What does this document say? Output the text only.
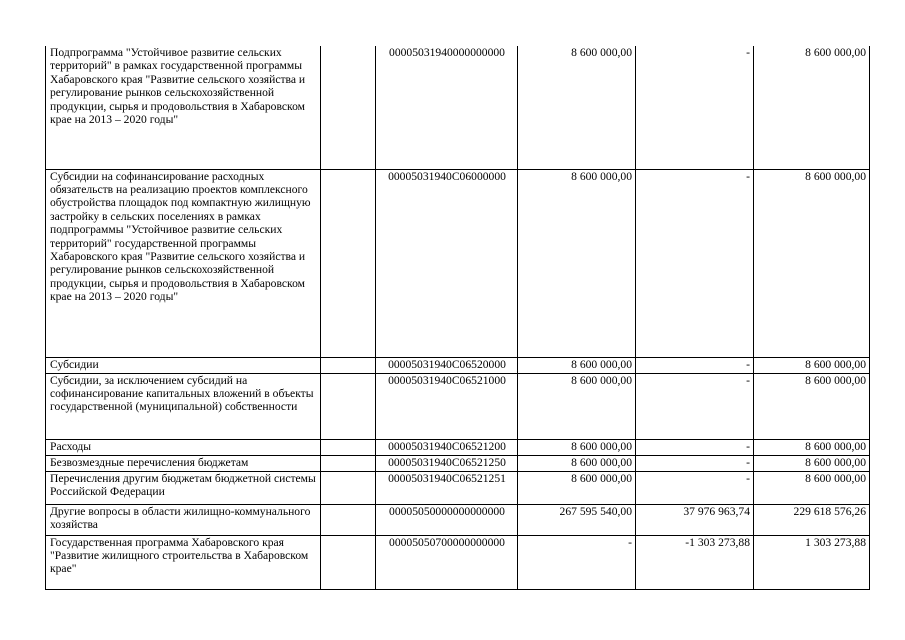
Подпрограмма "Устойчивое развитие сельских территорий" в рамках государственной программы Хабаровского края "Развитие сельского хозяйства и регулирование рынков сельскохозяйственной продукции, сырья и продовольствия в Хабаровском крае на 2013 – 2020 годы"		00005031940000000000	8 600 000,00	-	8 600 000,00
Субсидии на софинансирование расходных обязательств на реализацию проектов комплексного обустройства площадок под компактную жилищную застройку в сельских поселениях в рамках подпрограммы "Устойчивое развитие сельских территорий" государственной программы Хабаровского края "Развитие сельского хозяйства и регулирование рынков сельскохозяйственной продукции, сырья и продовольствия в Хабаровском крае на 2013 – 2020 годы"		00005031940С06000000	8 600 000,00	-	8 600 000,00
Субсидии		00005031940С06520000	8 600 000,00	-	8 600 000,00
Субсидии, за исключением субсидий на софинансирование капитальных вложений в объекты государственной (муниципальной) собственности		00005031940С06521000	8 600 000,00	-	8 600 000,00
Расходы		00005031940С06521200	8 600 000,00	-	8 600 000,00
Безвозмездные перечисления бюджетам		00005031940С06521250	8 600 000,00	-	8 600 000,00
Перечисления другим бюджетам бюджетной системы Российской Федерации		00005031940С06521251	8 600 000,00	-	8 600 000,00
Другие вопросы в области жилищно-коммунального хозяйства		00005050000000000000	267 595 540,00	37 976 963,74	229 618 576,26
Государственная программа Хабаровского края "Развитие жилищного строительства в Хабаровском крае"		00005050700000000000	-	-1 303 273,88	1 303 273,88
